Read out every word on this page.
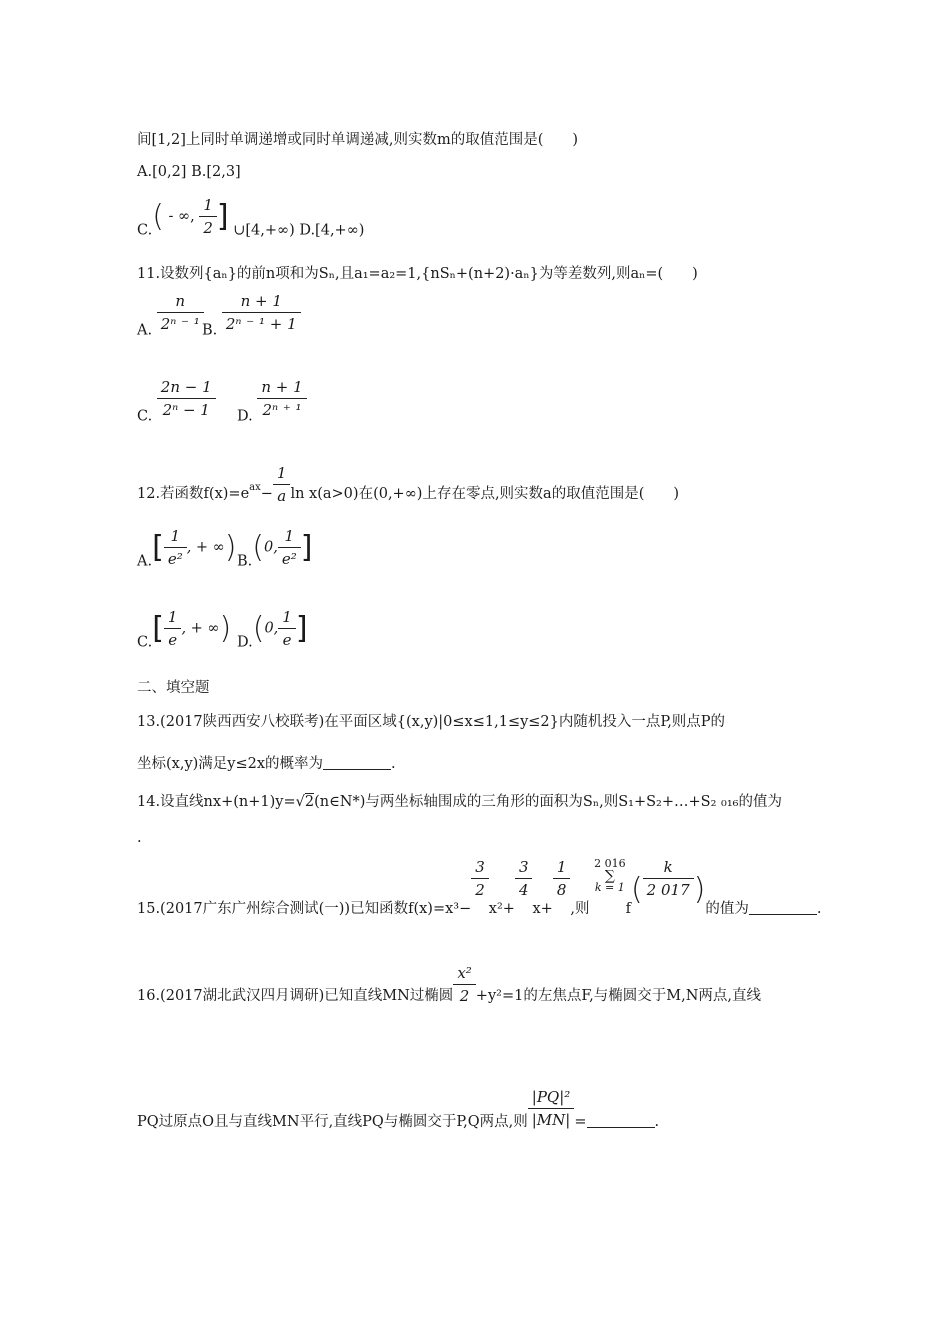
间[1,2]上同时单调递增或同时单调递减,则实数m的取值范围是(　　)
A.[0,2] B.[2,3]
C.( - ∞, $\frac{1}{2}$ ] ∪[4,+∞) D.[4,+∞)
11.设数列{aₙ}的前n项和为Sₙ,且a₁=a₂=1,{nSₙ+(n+2)·aₙ}为等差数列,则aₙ=(　　)
A. $\frac{n}{\text{2ⁿ ⁻ ¹}}$
B. $\frac{n + 1}{\text{2ⁿ ⁻ ¹ + 1}}$
C. $\frac{2n - 1}{\text{2ⁿ − 1}} D$. $\frac{n + 1}{\text{2ⁿ ⁺ ¹}}$
12.若函数$f(x)=e_{ax}- \frac{1}{a}$ ln x(a>0)在(0,+∞)上存在零点,则实数a的取值范围是(　　)
$A.[ \frac{1}{\text{e²}}$ , + ∞) B.(0, $\frac{1}{\text{e²}}$ ]
$C.[ \frac{1}{e}$ , + ∞) D.(0, $\frac{1}{e}$ ]
二、填空题
13.(2017陕西西安八校联考)在平面区域{(x,y)|0≤x≤1,1≤y≤2}内随机投入一点P,则点P的
坐标(x,y)满足y≤2x的概率为	.
14.设直线nx+(n+1)y=√2(n∈N*)与两坐标轴围成的三角形的面积为Sₙ,则S₁+S₂+…+S₂ ₀₁₆的值为
.
15.(2017广东广州综合测试(一))已知函数f(x)=x³−
$\frac{3}{2}$
x²+
$\frac{3}{4}$
x+
$\frac{1}{8}$
,则
2 016
∑
k = 1
$f( \frac{k}{2 017}$ )的值为	.
16.(2017湖北武汉四月调研)已知直线MN过椭圆 $\frac{\text{x²}}{2} +y^2=1$的左焦点F,与椭圆交于M,N两点,直线
PQ过原点O且与直线MN平行,直线PQ与椭圆交于P,Q两点,则 $\frac{\text{|PQ|²}}{|MN|}$ =	.
